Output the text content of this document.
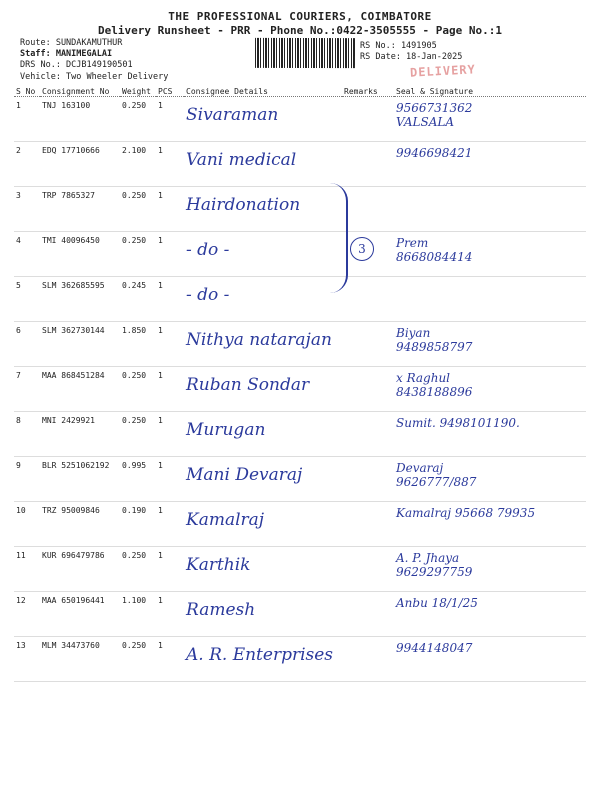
THE PROFESSIONAL COURIERS, COIMBATORE
Delivery Runsheet - PRR - Phone No.:0422-3505555 - Page No.:1
Route: SUNDAKAMUTHUR
Staff: MANIMEGALAI
DRS No.: DCJB149190501
Vehicle: Two Wheeler Delivery
RS No.: 1491905
RS Date: 18-Jan-2025
DELIVERY
S No	Consignment No	Weight	PCS	Consignee Details	Remarks	Seal & Signature
1	TNJ 163100	0.250	1	Sivaraman		9566731362
VALSALA

2	EDQ 17710666	2.100	1	Vani medical		9946698421

3	TRP 7865327	0.250	1	Hairdonation		

4	TMI 40096450	0.250	1	- do -		Prem
8668084414

5	SLM 362685595	0.245	1	- do -		

6	SLM 362730144	1.850	1	Nithya natarajan		Biyan
9489858797

7	MAA 868451284	0.250	1	Ruban Sondar		x Raghul
8438188896

8	MNI 2429921	0.250	1	Murugan		Sumit. 9498101190.

9	BLR 5251062192	0.995	1	Mani Devaraj		Devaraj
9626777/887

10	TRZ 95009846	0.190	1	Kamalraj		Kamalraj 95668 79935

11	KUR 696479786	0.250	1	Karthik		A. P. Jhaya
9629297759

12	MAA 650196441	1.100	1	Ramesh		Anbu 18/1/25

13	MLM 34473760	0.250	1	A. R. Enterprises		9944148047
3
